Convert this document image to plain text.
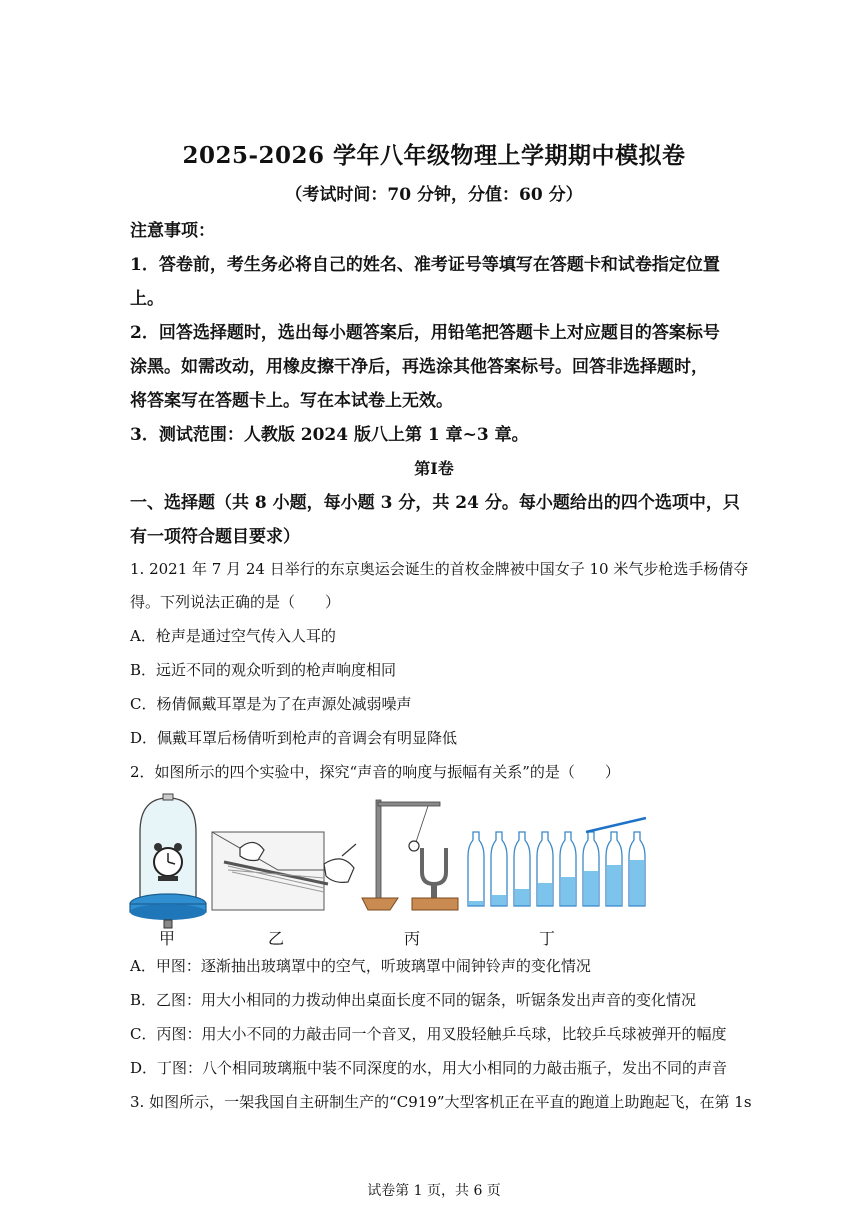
2025-2026 学年八年级物理上学期期中模拟卷
（考试时间：70 分钟，分值：60 分）
注意事项：
1．答卷前，考生务必将自己的姓名、准考证号等填写在答题卡和试卷指定位置
上。
2．回答选择题时，选出每小题答案后，用铅笔把答题卡上对应题目的答案标号
涂黑。如需改动，用橡皮擦干净后，再选涂其他答案标号。回答非选择题时，
将答案写在答题卡上。写在本试卷上无效。
3．测试范围：人教版 2024 版八上第 1 章~3 章。
第Ⅰ卷
一、选择题（共 8 小题，每小题 3 分，共 24 分。每小题给出的四个选项中，只
有一项符合题目要求）
1. 2021 年 7 月 24 日举行的东京奥运会诞生的首枚金牌被中国女子 10 米气步枪选手杨倩夺
得。下列说法正确的是（　　）
A．枪声是通过空气传入人耳的
B．远近不同的观众听到的枪声响度相同
C．杨倩佩戴耳罩是为了在声源处减弱噪声
D．佩戴耳罩后杨倩听到枪声的音调会有明显降低
2．如图所示的四个实验中，探究“声音的响度与振幅有关系”的是（　　）
甲	乙	丙	丁
A．甲图：逐渐抽出玻璃罩中的空气，听玻璃罩中闹钟铃声的变化情况
B．乙图：用大小相同的力拨动伸出桌面长度不同的锯条，听锯条发出声音的变化情况
C．丙图：用大小不同的力敲击同一个音叉，用叉股轻触乒乓球，比较乒乓球被弹开的幅度
D．丁图：八个相同玻璃瓶中装不同深度的水，用大小相同的力敲击瓶子，发出不同的声音
3. 如图所示，一架我国自主研制生产的“C919”大型客机正在平直的跑道上助跑起飞，在第 1s
试卷第 1 页，共 6 页
